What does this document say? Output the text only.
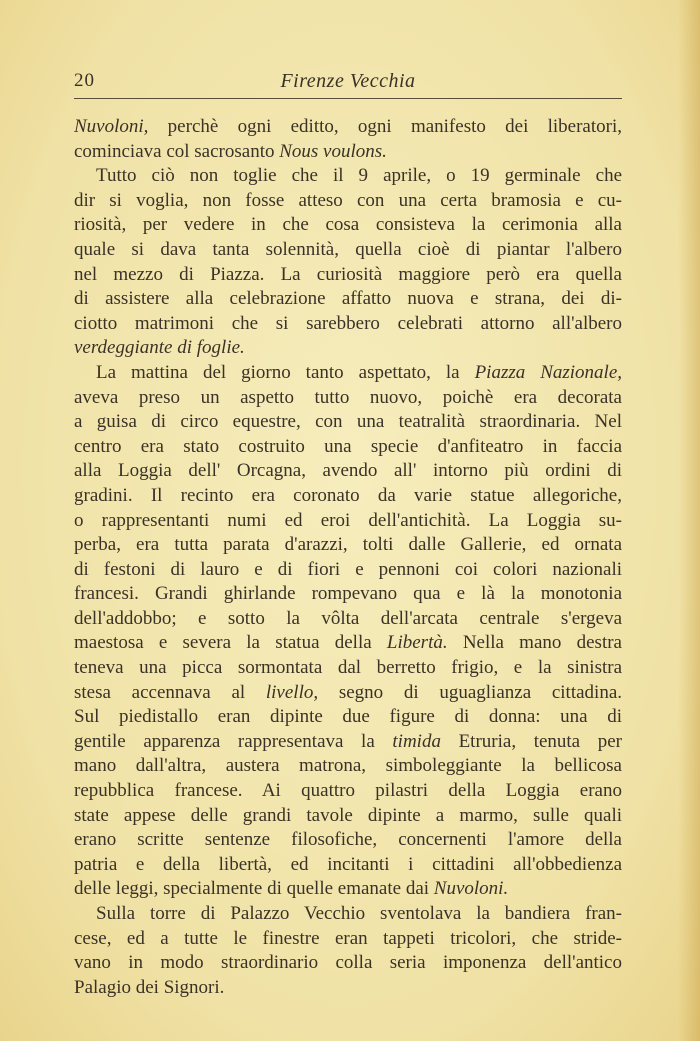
20	Firenze Vecchia
Nuvoloni, perchè ogni editto, ogni manifesto dei liberatori,
cominciava col sacrosanto Nous voulons.
Tutto ciò non toglie che il 9 aprile, o 19 germinale che
dir si voglia, non fosse atteso con una certa bramosia e cu-
riosità, per vedere in che cosa consisteva la cerimonia alla
quale si dava tanta solennità, quella cioè di piantar l'albero
nel mezzo di Piazza. La curiosità maggiore però era quella
di assistere alla celebrazione affatto nuova e strana, dei di-
ciotto matrimoni che si sarebbero celebrati attorno all'albero
verdeggiante di foglie.
La mattina del giorno tanto aspettato, la Piazza Nazionale,
aveva preso un aspetto tutto nuovo, poichè era decorata
a guisa di circo equestre, con una teatralità straordinaria. Nel
centro era stato costruito una specie d'anfiteatro in faccia
alla Loggia dell' Orcagna, avendo all' intorno più ordini di
gradini. Il recinto era coronato da varie statue allegoriche,
o rappresentanti numi ed eroi dell'antichità. La Loggia su-
perba, era tutta parata d'arazzi, tolti dalle Gallerie, ed ornata
di festoni di lauro e di fiori e pennoni coi colori nazionali
francesi. Grandi ghirlande rompevano qua e là la monotonia
dell'addobbo; e sotto la vôlta dell'arcata centrale s'ergeva
maestosa e severa la statua della Libertà. Nella mano destra
teneva una picca sormontata dal berretto frigio, e la sinistra
stesa accennava al livello, segno di uguaglianza cittadina.
Sul piedistallo eran dipinte due figure di donna: una di
gentile apparenza rappresentava la timida Etruria, tenuta per
mano dall'altra, austera matrona, simboleggiante la bellicosa
repubblica francese. Ai quattro pilastri della Loggia erano
state appese delle grandi tavole dipinte a marmo, sulle quali
erano scritte sentenze filosofiche, concernenti l'amore della
patria e della libertà, ed incitanti i cittadini all'obbedienza
delle leggi, specialmente di quelle emanate dai Nuvoloni.
Sulla torre di Palazzo Vecchio sventolava la bandiera fran-
cese, ed a tutte le finestre eran tappeti tricolori, che stride-
vano in modo straordinario colla seria imponenza dell'antico
Palagio dei Signori.
